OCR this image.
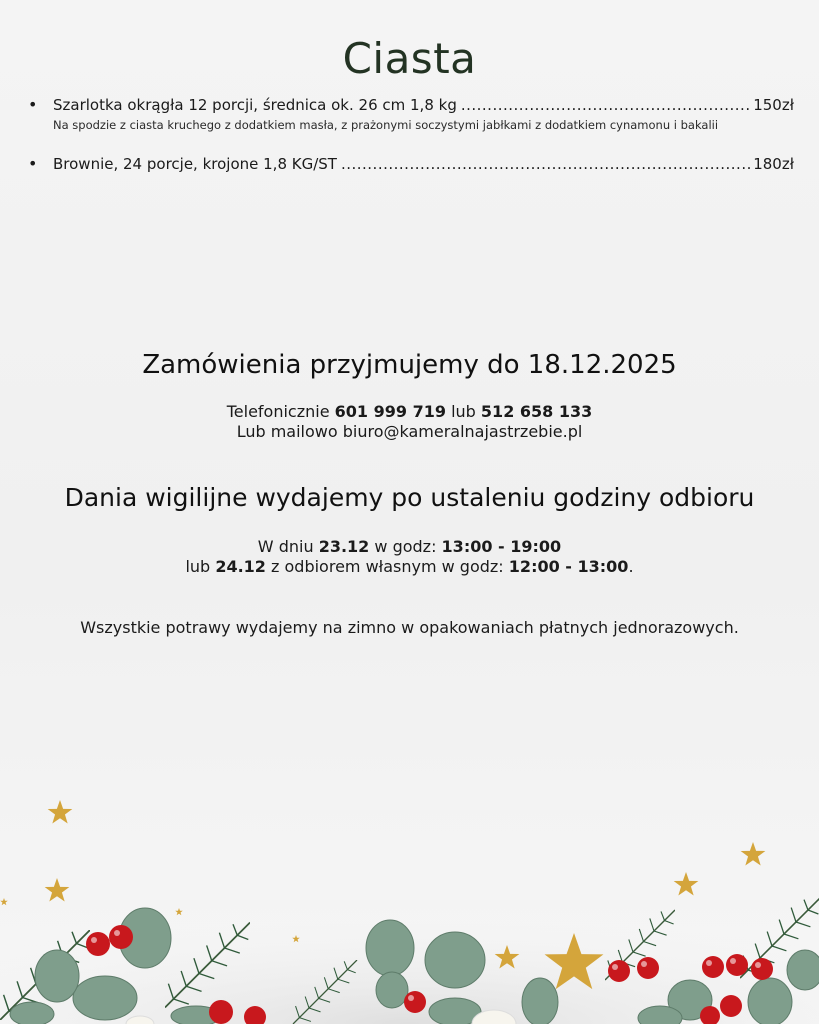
Ciasta
• Szarlotka okrągła 12 porcji, średnica ok. 26 cm 1,8 kg .....	150zł
Na spodzie z ciasta kruchego z dodatkiem masła, z prażonymi soczystymi jabłkami z dodatkiem cynamonu i bakalii
• Brownie, 24 porcje, krojone 1,8 KG/ST .....	180zł
Zamówienia przyjmujemy do 18.12.2025
Telefonicznie 601 999 719 lub 512 658 133
Lub mailowo biuro@kameralnajastrzebie.pl
Dania wigilijne wydajemy po ustaleniu godziny odbioru
W dniu 23.12 w godz: 13:00 - 19:00
lub 24.12 z odbiorem własnym w godz: 12:00 - 13:00.
Wszystkie potrawy wydajemy na zimno w opakowaniach płatnych jednorazowych.
